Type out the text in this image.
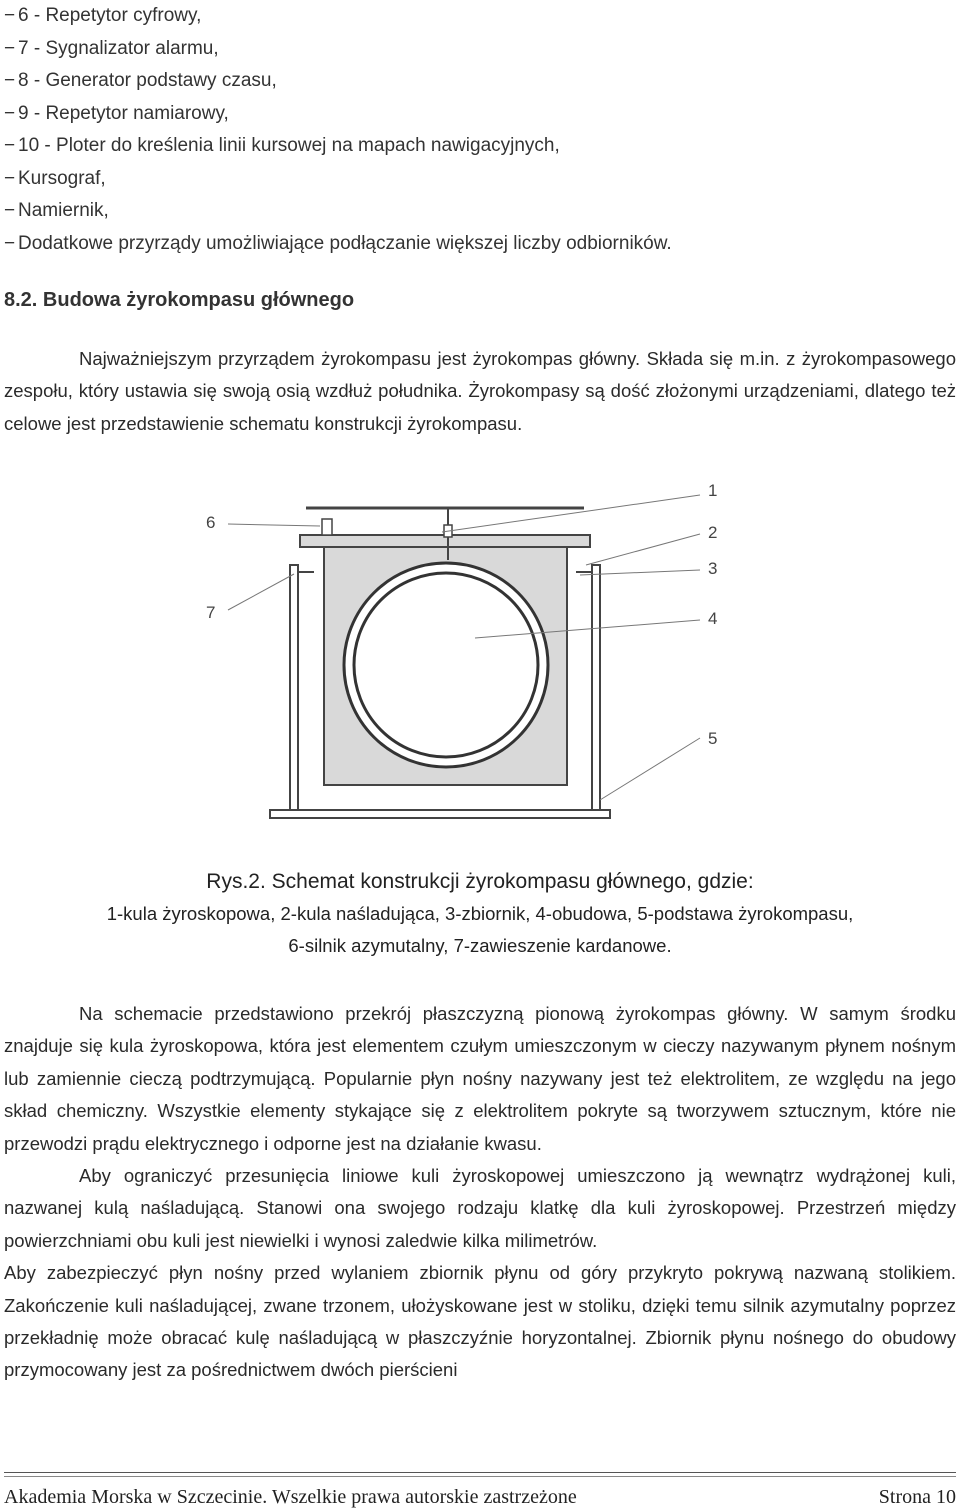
− 6 - Repetytor cyfrowy,
− 7 - Sygnalizator alarmu,
− 8 - Generator podstawy czasu,
− 9 - Repetytor namiarowy,
− 10 - Ploter do kreślenia linii kursowej na mapach nawigacyjnych,
− Kursograf,
− Namiernik,
− Dodatkowe przyrządy umożliwiające podłączanie większej liczby odbiorników.
8.2. Budowa żyrokompasu głównego

Najważniejszym przyrządem żyrokompasu jest żyrokompas główny. Składa się m.in. z żyrokompasowego zespołu, który ustawia się swoją osią wzdłuż południka. Żyrokompasy są dość złożonymi urządzeniami, dlatego też celowe jest przedstawienie schematu konstrukcji żyrokompasu.

1
2
3
4
5
6
7
Rys.2. Schemat konstrukcji żyrokompasu głównego, gdzie:
1-kula żyroskopowa, 2-kula naśladująca, 3-zbiornik, 4-obudowa, 5-podstawa żyrokompasu,
6-silnik azymutalny, 7-zawieszenie kardanowe.

Na schemacie przedstawiono przekrój płaszczyzną pionową żyrokompas główny. W samym środku znajduje się kula żyroskopowa, która jest elementem czułym umieszczonym w cieczy nazywanym płynem nośnym lub zamiennie cieczą podtrzymującą. Popularnie płyn nośny nazywany jest też elektrolitem, ze względu na jego skład chemiczny. Wszystkie elementy stykające się z elektrolitem pokryte są tworzywem sztucznym, które nie przewodzi prądu elektrycznego i odporne jest na działanie kwasu.

Aby ograniczyć przesunięcia liniowe kuli żyroskopowej umieszczono ją wewnątrz wydrążonej kuli, nazwanej kulą naśladującą. Stanowi ona swojego rodzaju klatkę dla kuli żyroskopowej. Przestrzeń między powierzchniami obu kuli jest niewielki i wynosi zaledwie kilka milimetrów.

Aby zabezpieczyć płyn nośny przed wylaniem zbiornik płynu od góry przykryto pokrywą nazwaną stolikiem. Zakończenie kuli naśladującej, zwane trzonem, ułożyskowane jest w stoliku, dzięki temu silnik azymutalny poprzez przekładnię może obracać kulę naśladującą w płaszczyźnie horyzontalnej. Zbiornik płynu nośnego do obudowy przymocowany jest za pośrednictwem dwóch pierścieni

Akademia Morska w Szczecinie. Wszelkie prawa autorskie zastrzeżone	Strona 10
